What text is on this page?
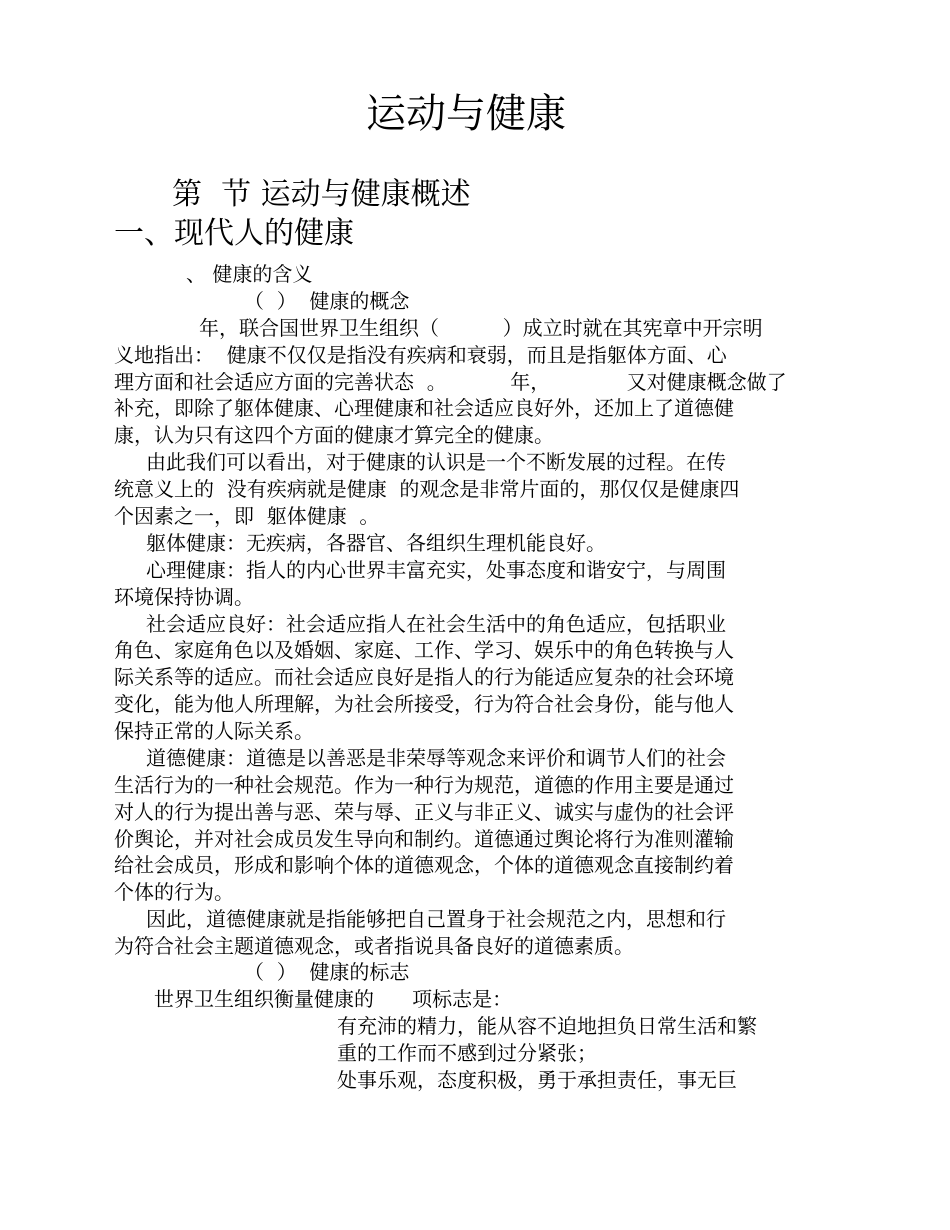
运动与健康
第  节 运动与健康概述
一、现代人的健康
、 健康的含义
（  ）  健康的概念
年，联合国世界卫生组织（          ）成立时就在其宪章中开宗明
义地指出：  健康不仅仅是指没有疾病和衰弱，而且是指躯体方面、心
理方面和社会适应方面的完善状态  。          年，            又对健康概念做了
补充，即除了躯体健康、心理健康和社会适应良好外，还加上了道德健
康，认为只有这四个方面的健康才算完全的健康。
由此我们可以看出，对于健康的认识是一个不断发展的过程。在传
统意义上的  没有疾病就是健康  的观念是非常片面的，那仅仅是健康四
个因素之一，即  躯体健康  。
躯体健康：无疾病，各器官、各组织生理机能良好。
心理健康：指人的内心世界丰富充实，处事态度和谐安宁，与周围
环境保持协调。
社会适应良好：社会适应指人在社会生活中的角色适应，包括职业
角色、家庭角色以及婚姻、家庭、工作、学习、娱乐中的角色转换与人
际关系等的适应。而社会适应良好是指人的行为能适应复杂的社会环境
变化，能为他人所理解，为社会所接受，行为符合社会身份，能与他人
保持正常的人际关系。
道德健康：道德是以善恶是非荣辱等观念来评价和调节人们的社会
生活行为的一种社会规范。作为一种行为规范，道德的作用主要是通过
对人的行为提出善与恶、荣与辱、正义与非正义、诚实与虚伪的社会评
价舆论，并对社会成员发生导向和制约。道德通过舆论将行为准则灌输
给社会成员，形成和影响个体的道德观念，个体的道德观念直接制约着
个体的行为。
因此，道德健康就是指能够把自己置身于社会规范之内，思想和行
为符合社会主题道德观念，或者指说具备良好的道德素质。
（  ）  健康的标志
世界卫生组织衡量健康的      项标志是：
有充沛的精力，能从容不迫地担负日常生活和繁
重的工作而不感到过分紧张；
处事乐观，态度积极，勇于承担责任，事无巨
